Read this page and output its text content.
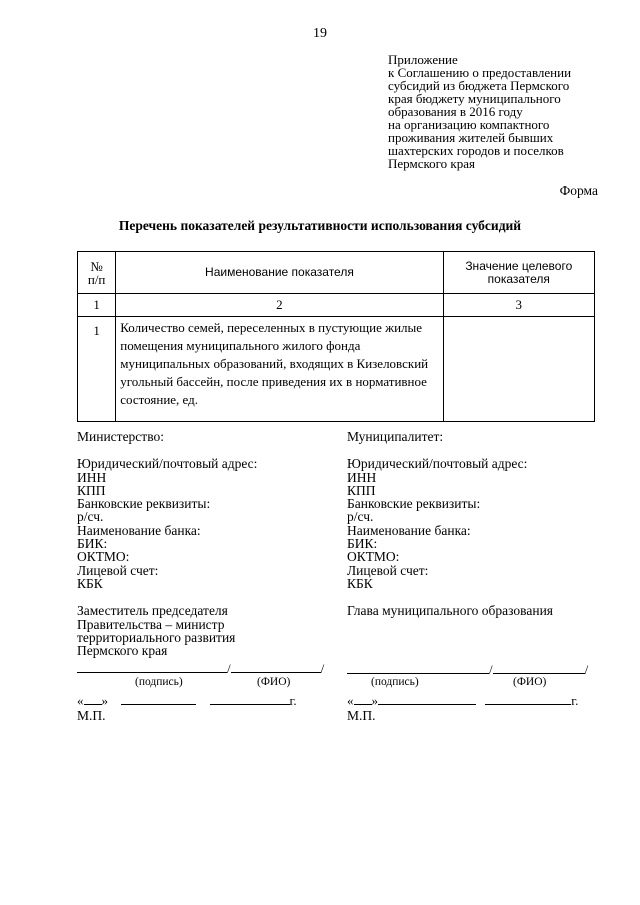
19
Приложение
к Соглашению о предоставлении
субсидий из бюджета Пермского
края бюджету муниципального
образования в 2016 году
на организацию компактного
проживания жителей бывших
шахтерских городов и поселков
Пермского края
Форма
Перечень показателей результативности использования субсидий
№
п/п	Наименование показателя	Значение целевого
показателя
1	2	3
1	Количество семей, переселенных в пустующие жилые помещения муниципального жилого фонда муниципальных образований, входящих в Кизеловский угольный бассейн, после приведения их в нормативное состояние, ед.	
Министерство:
Юридический/почтовый адрес:
ИНН
КПП
Банковские реквизиты:
р/сч.
Наименование банка:
БИК:
ОКТМО:
Лицевой счет:
КБК
Заместитель председателя
Правительства – министр
территориального развития
Пермского края
/	/
(подпись)	(ФИО)
« »	г.
М.П.
Муниципалитет:
Юридический/почтовый адрес:
ИНН
КПП
Банковские реквизиты:
р/сч.
Наименование банка:
БИК:
ОКТМО:
Лицевой счет:
КБК
Глава муниципального образования
/	/
(подпись)	(ФИО)
« »	г.
М.П.
